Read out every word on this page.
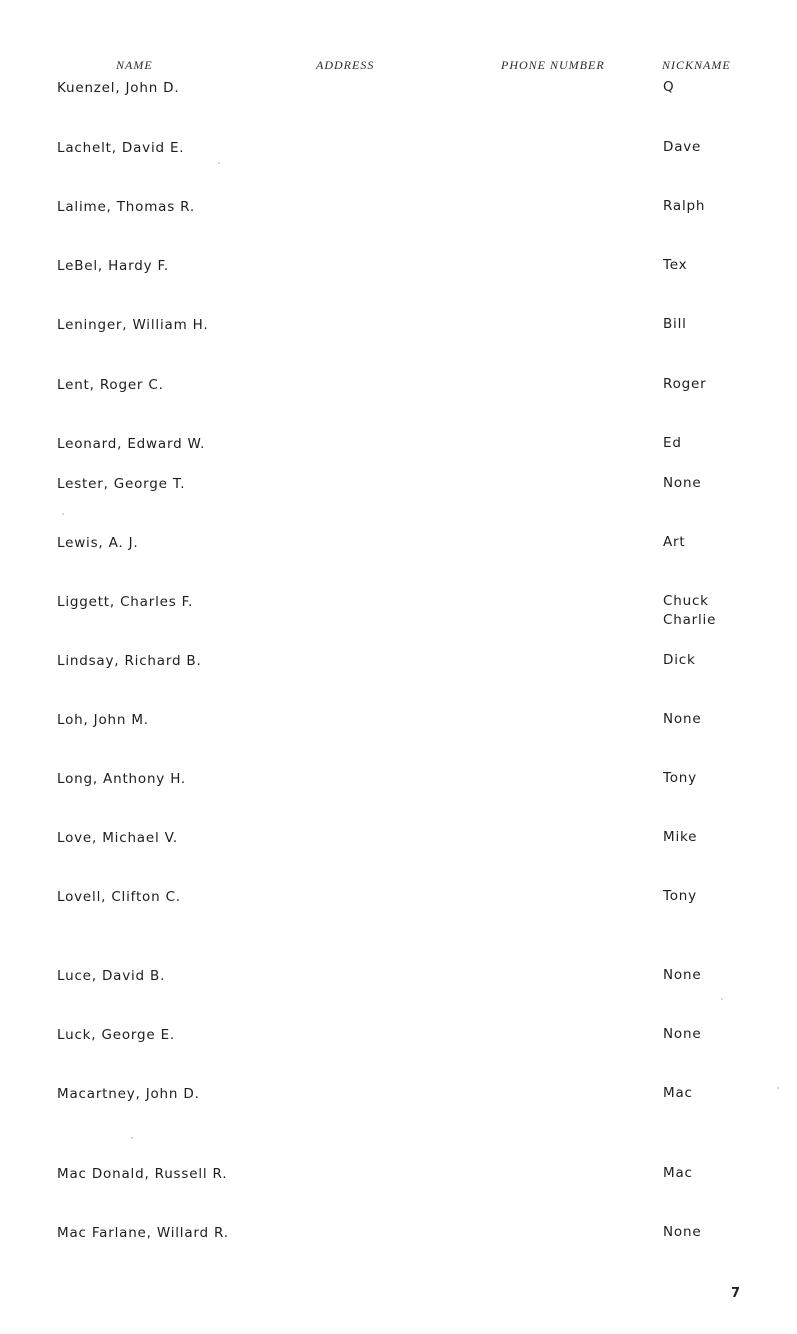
NAME	ADDRESS	PHONE NUMBER	NICKNAME
Kuenzel, John D.	Q
Lachelt, David E.	Dave
Lalime, Thomas R.	Ralph
LeBel, Hardy F.	Tex
Leninger, William H.	Bill
Lent, Roger C.	Roger
Leonard, Edward W.	Ed
Lester, George T.	None
Lewis, A. J.	Art
Liggett, Charles F.	Chuck
Charlie
Lindsay, Richard B.	Dick
Loh, John M.	None
Long, Anthony H.	Tony
Love, Michael V.	Mike
Lovell, Clifton C.	Tony
Luce, David B.	None
Luck, George E.	None
Macartney, John D.	Mac
Mac Donald, Russell R.	Mac
Mac Farlane, Willard R.	None
7
